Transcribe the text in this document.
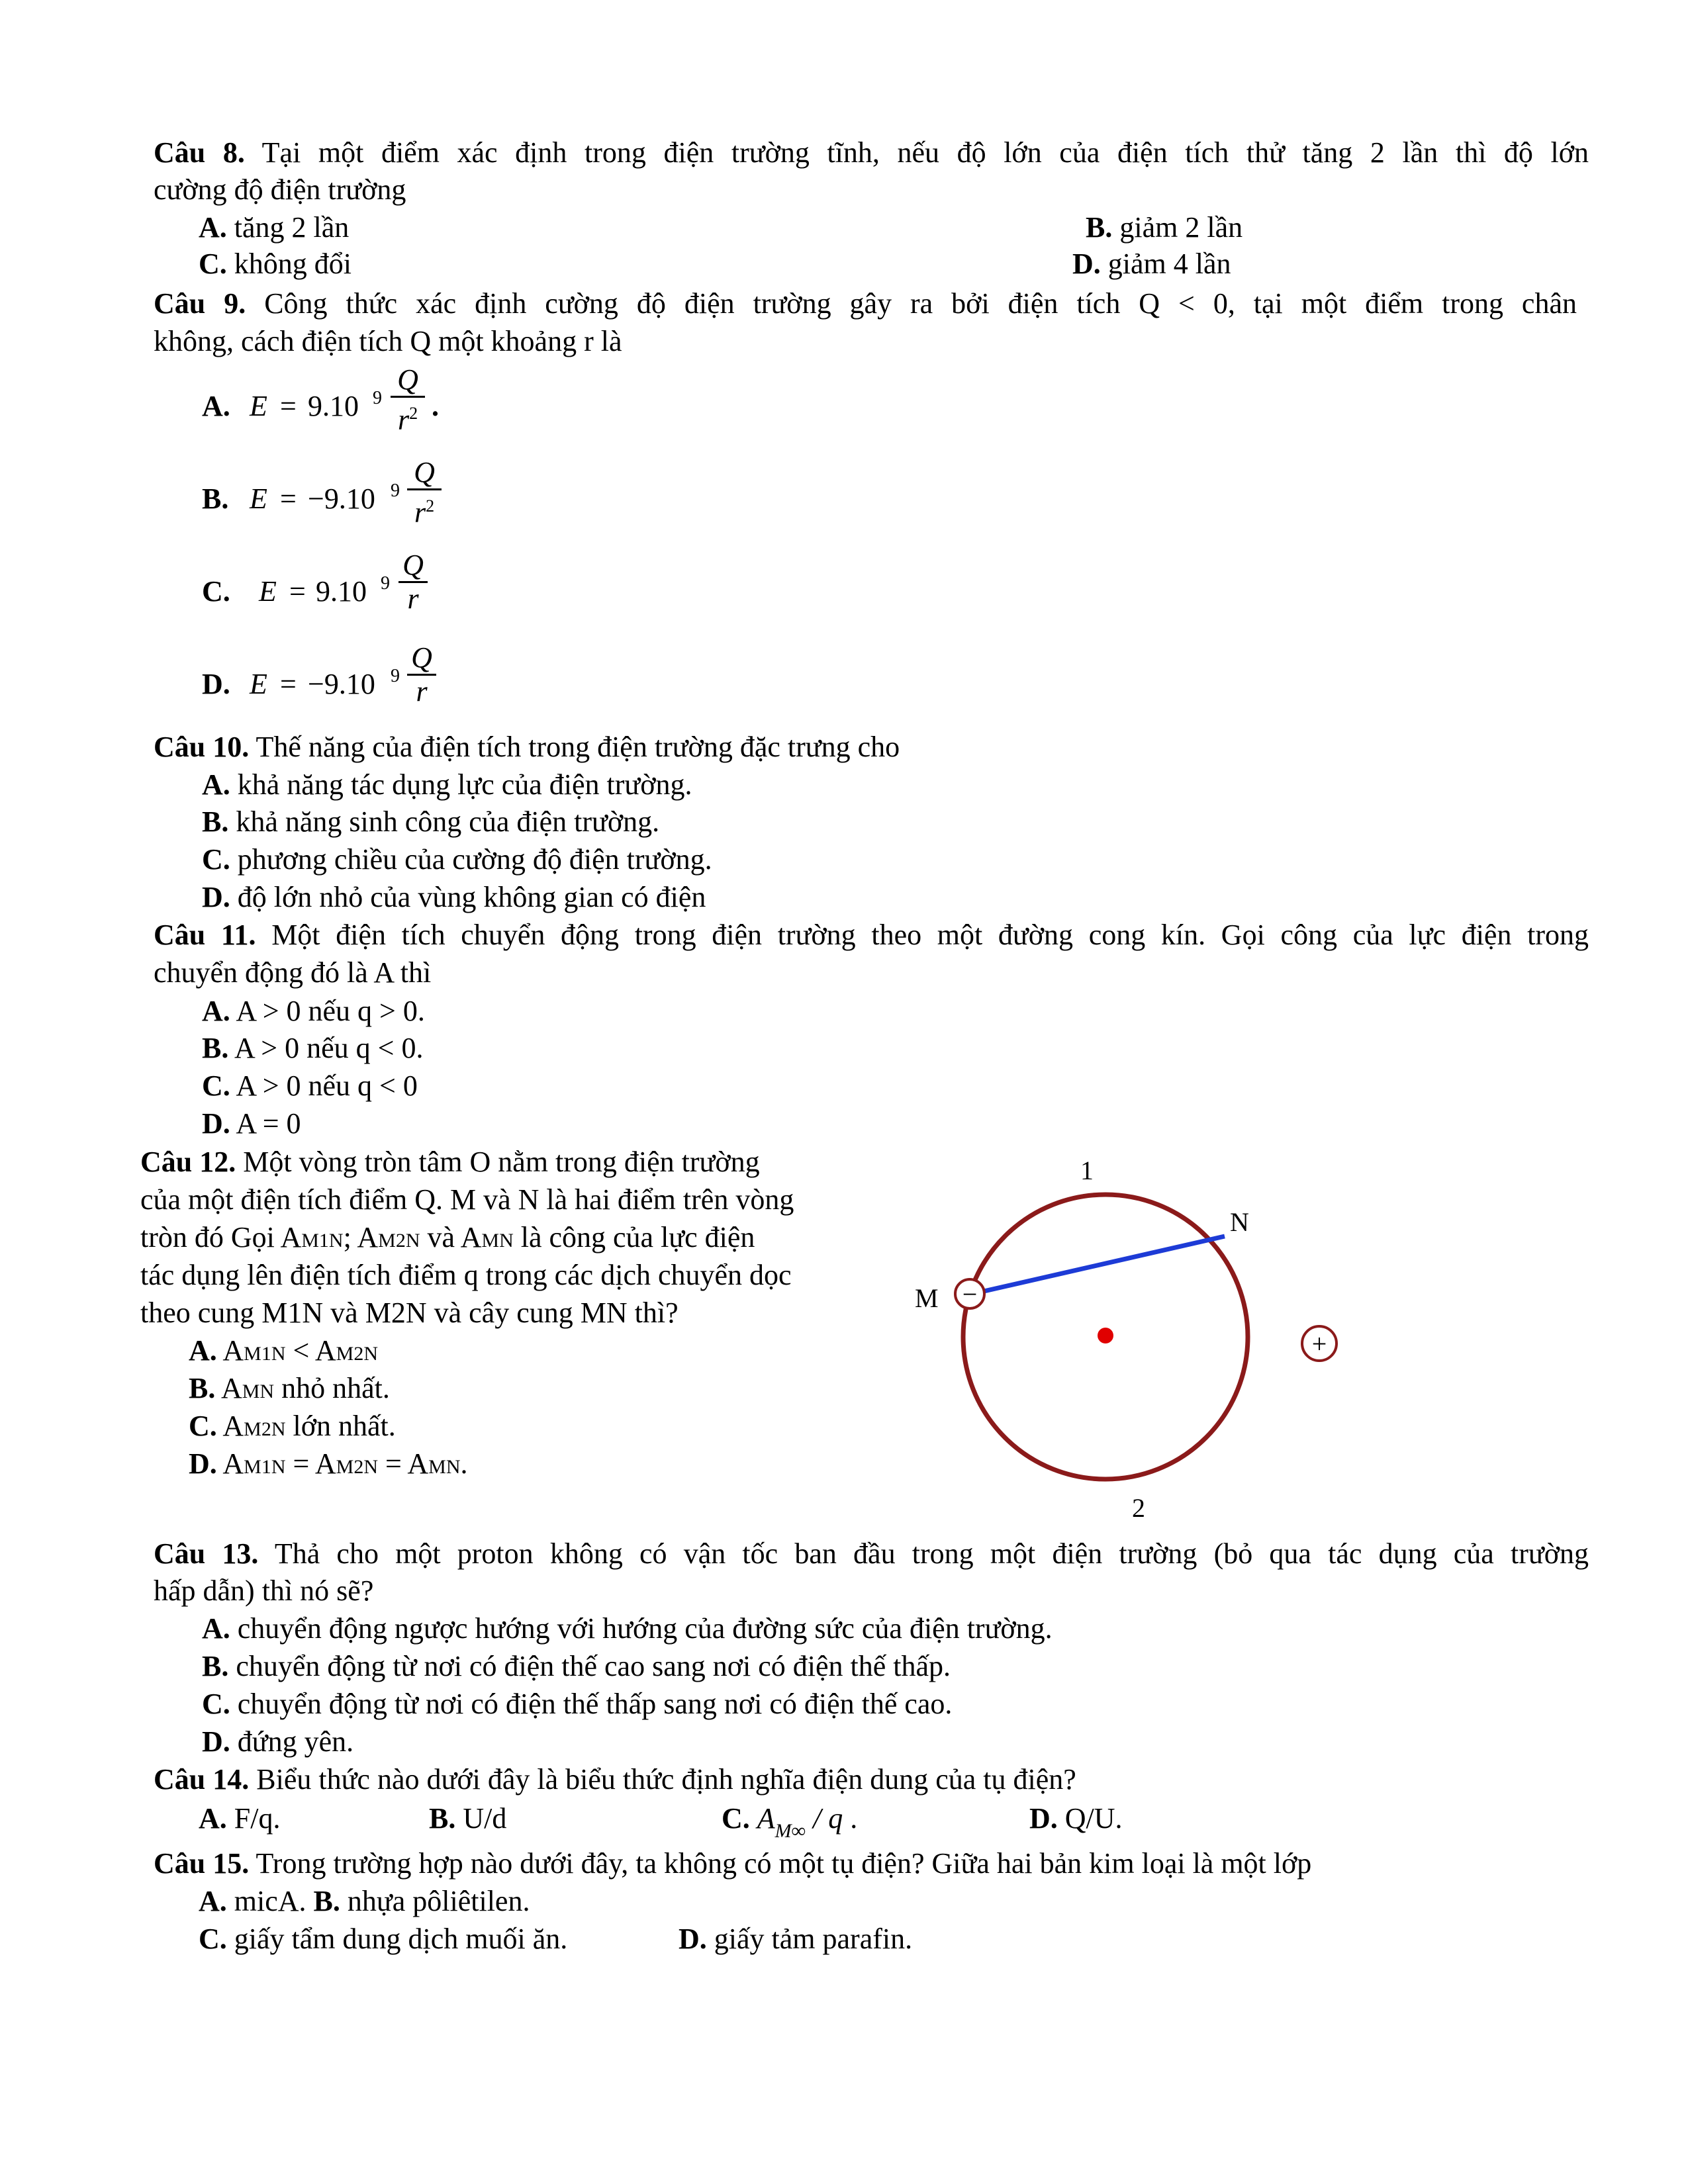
Câu 8. Tại một điểm xác định trong điện trường tĩnh, nếu độ lớn của điện tích thử tăng 2 lần thì độ lớn
cường độ điện trường
A. tăng 2 lần	B. giảm 2 lần
C. không đổi	D. giảm 4 lần
Câu 9. Công thức xác định cường độ điện trường gây ra bởi điện tích Q < 0, tại một điểm trong chân
không, cách điện tích Q một khoảng r là
A. E = 9.10 9
Q
$r^2$ .
B. E = −9.10 9
Q
$r^2$
C. E = 9.10 9
Q
r
D. E = −9.10 9
Q
r
Câu 10. Thế năng của điện tích trong điện trường đặc trưng cho
A. khả năng tác dụng lực của điện trường.
B. khả năng sinh công của điện trường.
C. phương chiều của cường độ điện trường.
D. độ lớn nhỏ của vùng không gian có điện
Câu 11. Một điện tích chuyển động trong điện trường theo một đường cong kín. Gọi công của lực điện trong
chuyển động đó là A thì
A. A > 0 nếu q > 0.
B. A > 0 nếu q < 0.
C. A > 0 nếu q < 0
D. A = 0
Câu 12. Một vòng tròn tâm O nằm trong điện trường
của một điện tích điểm Q. M và N là hai điểm trên vòng
tròn đó Gọi AM1N; AM2N và AMN là công của lực điện
tác dụng lên điện tích điểm q trong các dịch chuyển dọc
theo cung M1N và M2N và cây cung MN thì?
A. AM1N < AM2N
B. AMN nhỏ nhất.
C. AM2N lớn nhất.
D. AM1N = AM2N = AMN.
−
+
1
N
M
2
Câu 13. Thả cho một proton không có vận tốc ban đầu trong một điện trường (bỏ qua tác dụng của trường
hấp dẫn) thì nó sẽ?
A. chuyển động ngược hướng với hướng của đường sức của điện trường.
B. chuyển động từ nơi có điện thế cao sang nơi có điện thế thấp.
C. chuyển động từ nơi có điện thế thấp sang nơi có điện thế cao.
D. đứng yên.
Câu 14. Biểu thức nào dưới đây là biểu thức định nghĩa điện dung của tụ điện?
A. F/q.	B. U/d	C. $A_{M\infty}$ / q .	D. Q/U.
Câu 15. Trong trường hợp nào dưới đây, ta không có một tụ điện? Giữa hai bản kim loại là một lớp
A. micA. B. nhựa pôliêtilen.
C. giấy tẩm dung dịch muối ăn.	D. giấy tảm parafin.
